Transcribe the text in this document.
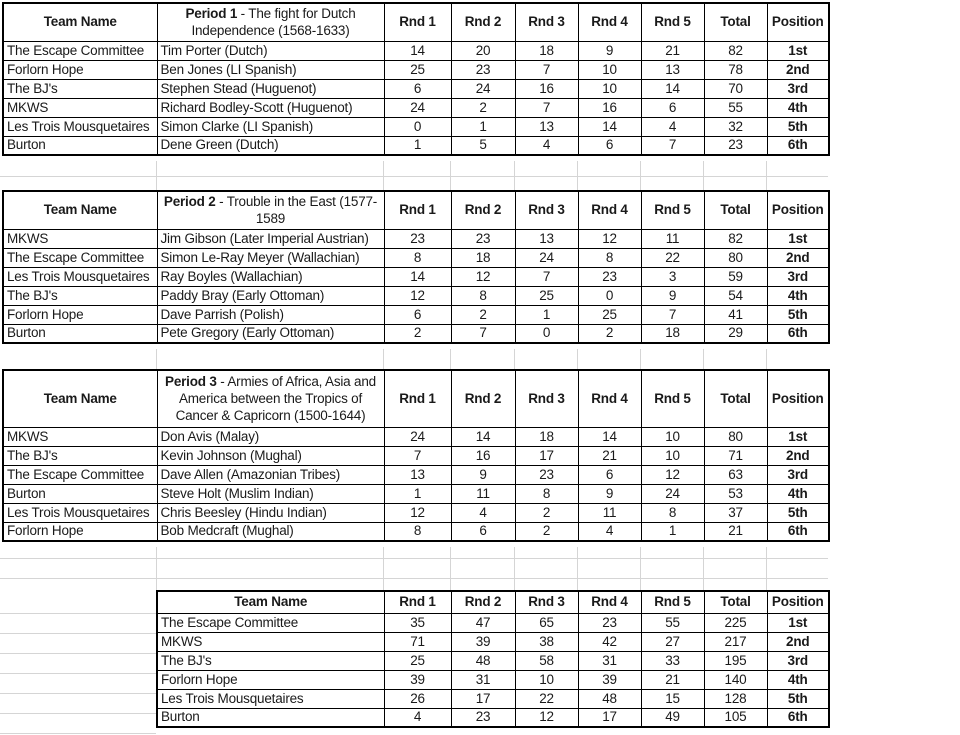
Team Name	Period 1 - The fight for Dutch Independence (1568-1633)	Rnd 1	Rnd 2	Rnd 3	Rnd 4	Rnd 5	Total	Position
The Escape Committee	Tim Porter (Dutch)	14	20	18	9	21	82	1st
Forlorn Hope	Ben Jones (LI Spanish)	25	23	7	10	13	78	2nd
The BJ's	Stephen Stead (Huguenot)	6	24	16	10	14	70	3rd
MKWS	Richard Bodley-Scott (Huguenot)	24	2	7	16	6	55	4th
Les Trois Mousquetaires	Simon Clarke (LI Spanish)	0	1	13	14	4	32	5th
Burton	Dene Green (Dutch)	1	5	4	6	7	23	6th
Team Name	Period 2 - Trouble in the East (1577-1589	Rnd 1	Rnd 2	Rnd 3	Rnd 4	Rnd 5	Total	Position
MKWS	Jim Gibson (Later Imperial Austrian)	23	23	13	12	11	82	1st
The Escape Committee	Simon Le-Ray Meyer (Wallachian)	8	18	24	8	22	80	2nd
Les Trois Mousquetaires	Ray Boyles (Wallachian)	14	12	7	23	3	59	3rd
The BJ's	Paddy Bray (Early Ottoman)	12	8	25	0	9	54	4th
Forlorn Hope	Dave Parrish (Polish)	6	2	1	25	7	41	5th
Burton	Pete Gregory (Early Ottoman)	2	7	0	2	18	29	6th
Team Name	Period 3 - Armies of Africa, Asia and America between the Tropics of Cancer & Capricorn (1500-1644)	Rnd 1	Rnd 2	Rnd 3	Rnd 4	Rnd 5	Total	Position
MKWS	Don Avis (Malay)	24	14	18	14	10	80	1st
The BJ's	Kevin Johnson (Mughal)	7	16	17	21	10	71	2nd
The Escape Committee	Dave Allen (Amazonian Tribes)	13	9	23	6	12	63	3rd
Burton	Steve Holt (Muslim Indian)	1	11	8	9	24	53	4th
Les Trois Mousquetaires	Chris Beesley (Hindu Indian)	12	4	2	11	8	37	5th
Forlorn Hope	Bob Medcraft (Mughal)	8	6	2	4	1	21	6th
Team Name	Rnd 1	Rnd 2	Rnd 3	Rnd 4	Rnd 5	Total	Position
The Escape Committee	35	47	65	23	55	225	1st
MKWS	71	39	38	42	27	217	2nd
The BJ's	25	48	58	31	33	195	3rd
Forlorn Hope	39	31	10	39	21	140	4th
Les Trois Mousquetaires	26	17	22	48	15	128	5th
Burton	4	23	12	17	49	105	6th
